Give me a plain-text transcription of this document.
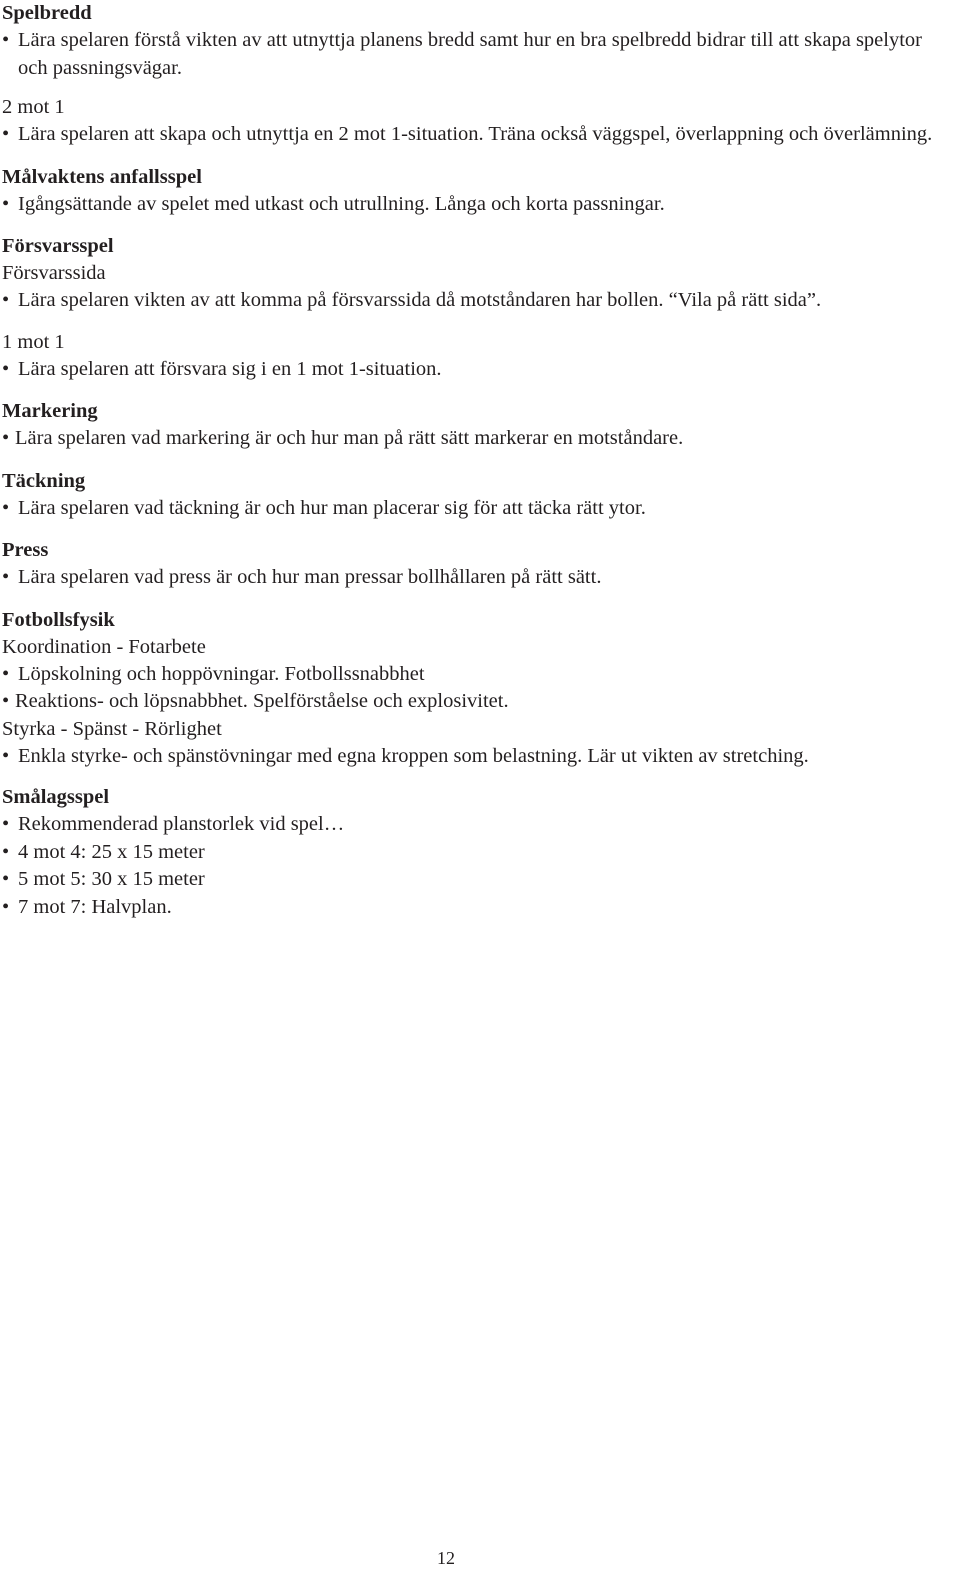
Spelbredd
• Lära spelaren förstå vikten av att utnyttja planens bredd samt hur en bra spelbredd bidrar till att skapa spelytor och passningsvägar.
2 mot 1
• Lära spelaren att skapa och utnyttja en 2 mot 1-situation. Träna också väggspel, överlappning och överlämning.
Målvaktens anfallsspel
• Igångsättande av spelet med utkast och utrullning. Långa och korta passningar.
Försvarsspel
Försvarssida
• Lära spelaren vikten av att komma på försvarssida då motståndaren har bollen. “Vila på rätt sida”.
1 mot 1
• Lära spelaren att försvara sig i en 1 mot 1-situation.
Markering
• Lära spelaren vad markering är och hur man på rätt sätt markerar en motståndare.
Täckning
• Lära spelaren vad täckning är och hur man placerar sig för att täcka rätt ytor.
Press
• Lära spelaren vad press är och hur man pressar bollhållaren på rätt sätt.
Fotbollsfysik
Koordination - Fotarbete
• Löpskolning och hoppövningar. Fotbollssnabbhet
• Reaktions- och löpsnabbhet. Spelförståelse och explosivitet.
Styrka - Spänst - Rörlighet
• Enkla styrke- och spänstövningar med egna kroppen som belastning. Lär ut vikten av stretching.
Smålagsspel
• Rekommenderad planstorlek vid spel…
• 4 mot 4: 25 x 15 meter
• 5 mot 5: 30 x 15 meter
• 7 mot 7: Halvplan.
12
